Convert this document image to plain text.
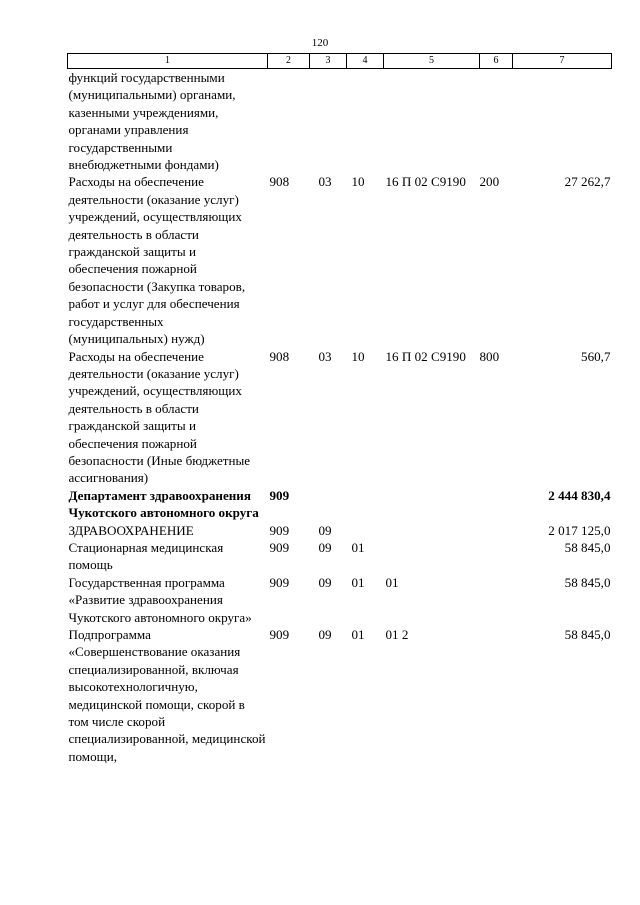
120
1	2	3	4	5	6	7
функций государственными (муниципальными) органами, казенными учреждениями, органами управления государственными внебюджетными фондами)						
Расходы на обеспечение деятельности (оказание услуг) учреждений, осуществляющих деятельность в области гражданской защиты и обеспечения пожарной безопасности (Закупка товаров, работ и услуг для обеспечения государственных (муниципальных) нужд)	908	03	10	16 П 02 С9190	200	27 262,7
Расходы на обеспечение деятельности (оказание услуг) учреждений, осуществляющих деятельность в области гражданской защиты и обеспечения пожарной безопасности (Иные бюджетные ассигнования)	908	03	10	16 П 02 С9190	800	560,7
Департамент здравоохранения Чукотского автономного округа	909					2 444 830,4
ЗДРАВООХРАНЕНИЕ	909	09				2 017 125,0
Стационарная медицинская помощь	909	09	01			58 845,0
Государственная программа «Развитие здравоохранения Чукотского автономного округа»	909	09	01	01		58 845,0
Подпрограмма «Совершенствование оказания специализированной, включая высокотехнологичную, медицинской помощи, скорой в том числе скорой специализированной, медицинской помощи,	909	09	01	01 2		58 845,0
